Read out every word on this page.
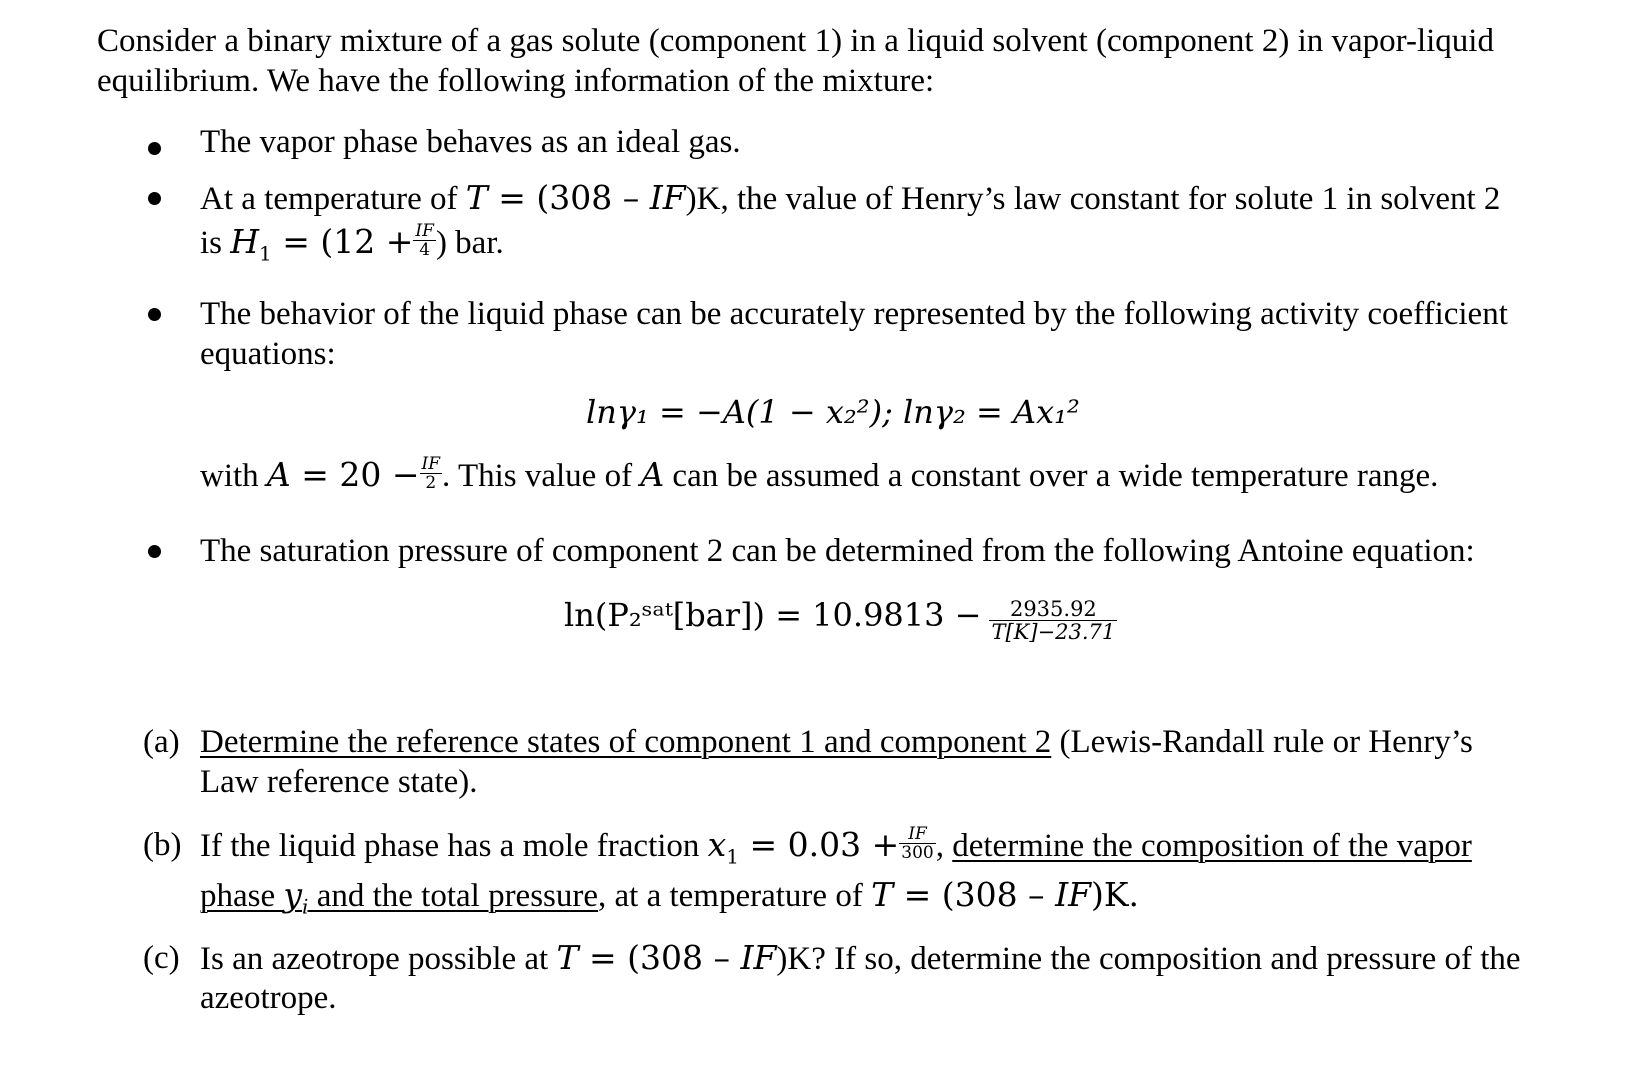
Consider a binary mixture of a gas solute (component 1) in a liquid solvent (component 2) in vapor-liquid
equilibrium. We have the following information of the mixture:
The vapor phase behaves as an ideal gas.
At a temperature of T = (308 – IF)K, the value of Henry’s law constant for solute 1 in solvent 2
is $H_1 = (12 + \frac{IF}{4}$ ) bar.
The behavior of the liquid phase can be accurately represented by the following activity coefficient
equations:
lnγ₁ = −A(1 − x₂²); lnγ₂ = Ax₁²
with $A = 20 - \frac{IF}{2}$ . This value of A can be assumed a constant over a wide temperature range.
The saturation pressure of component 2 can be determined from the following Antoine equation:
ln(P₂ˢᵃᵗ[bar]) = $10.9813 - \frac{2935.92}{T[K]-23.71}$
(a) Determine the reference states of component 1 and component 2 (Lewis-Randall rule or Henry’s
Law reference state).
(b) If the liquid phase has a mole fraction $x_1 = 0.03 + \frac{IF}{300}$ , determine the composition of the vapor
phase $y_i$ and the total pressure, at a temperature of T = (308 – IF)K.
(c) Is an azeotrope possible at T = (308 – IF)K? If so, determine the composition and pressure of the
azeotrope.
